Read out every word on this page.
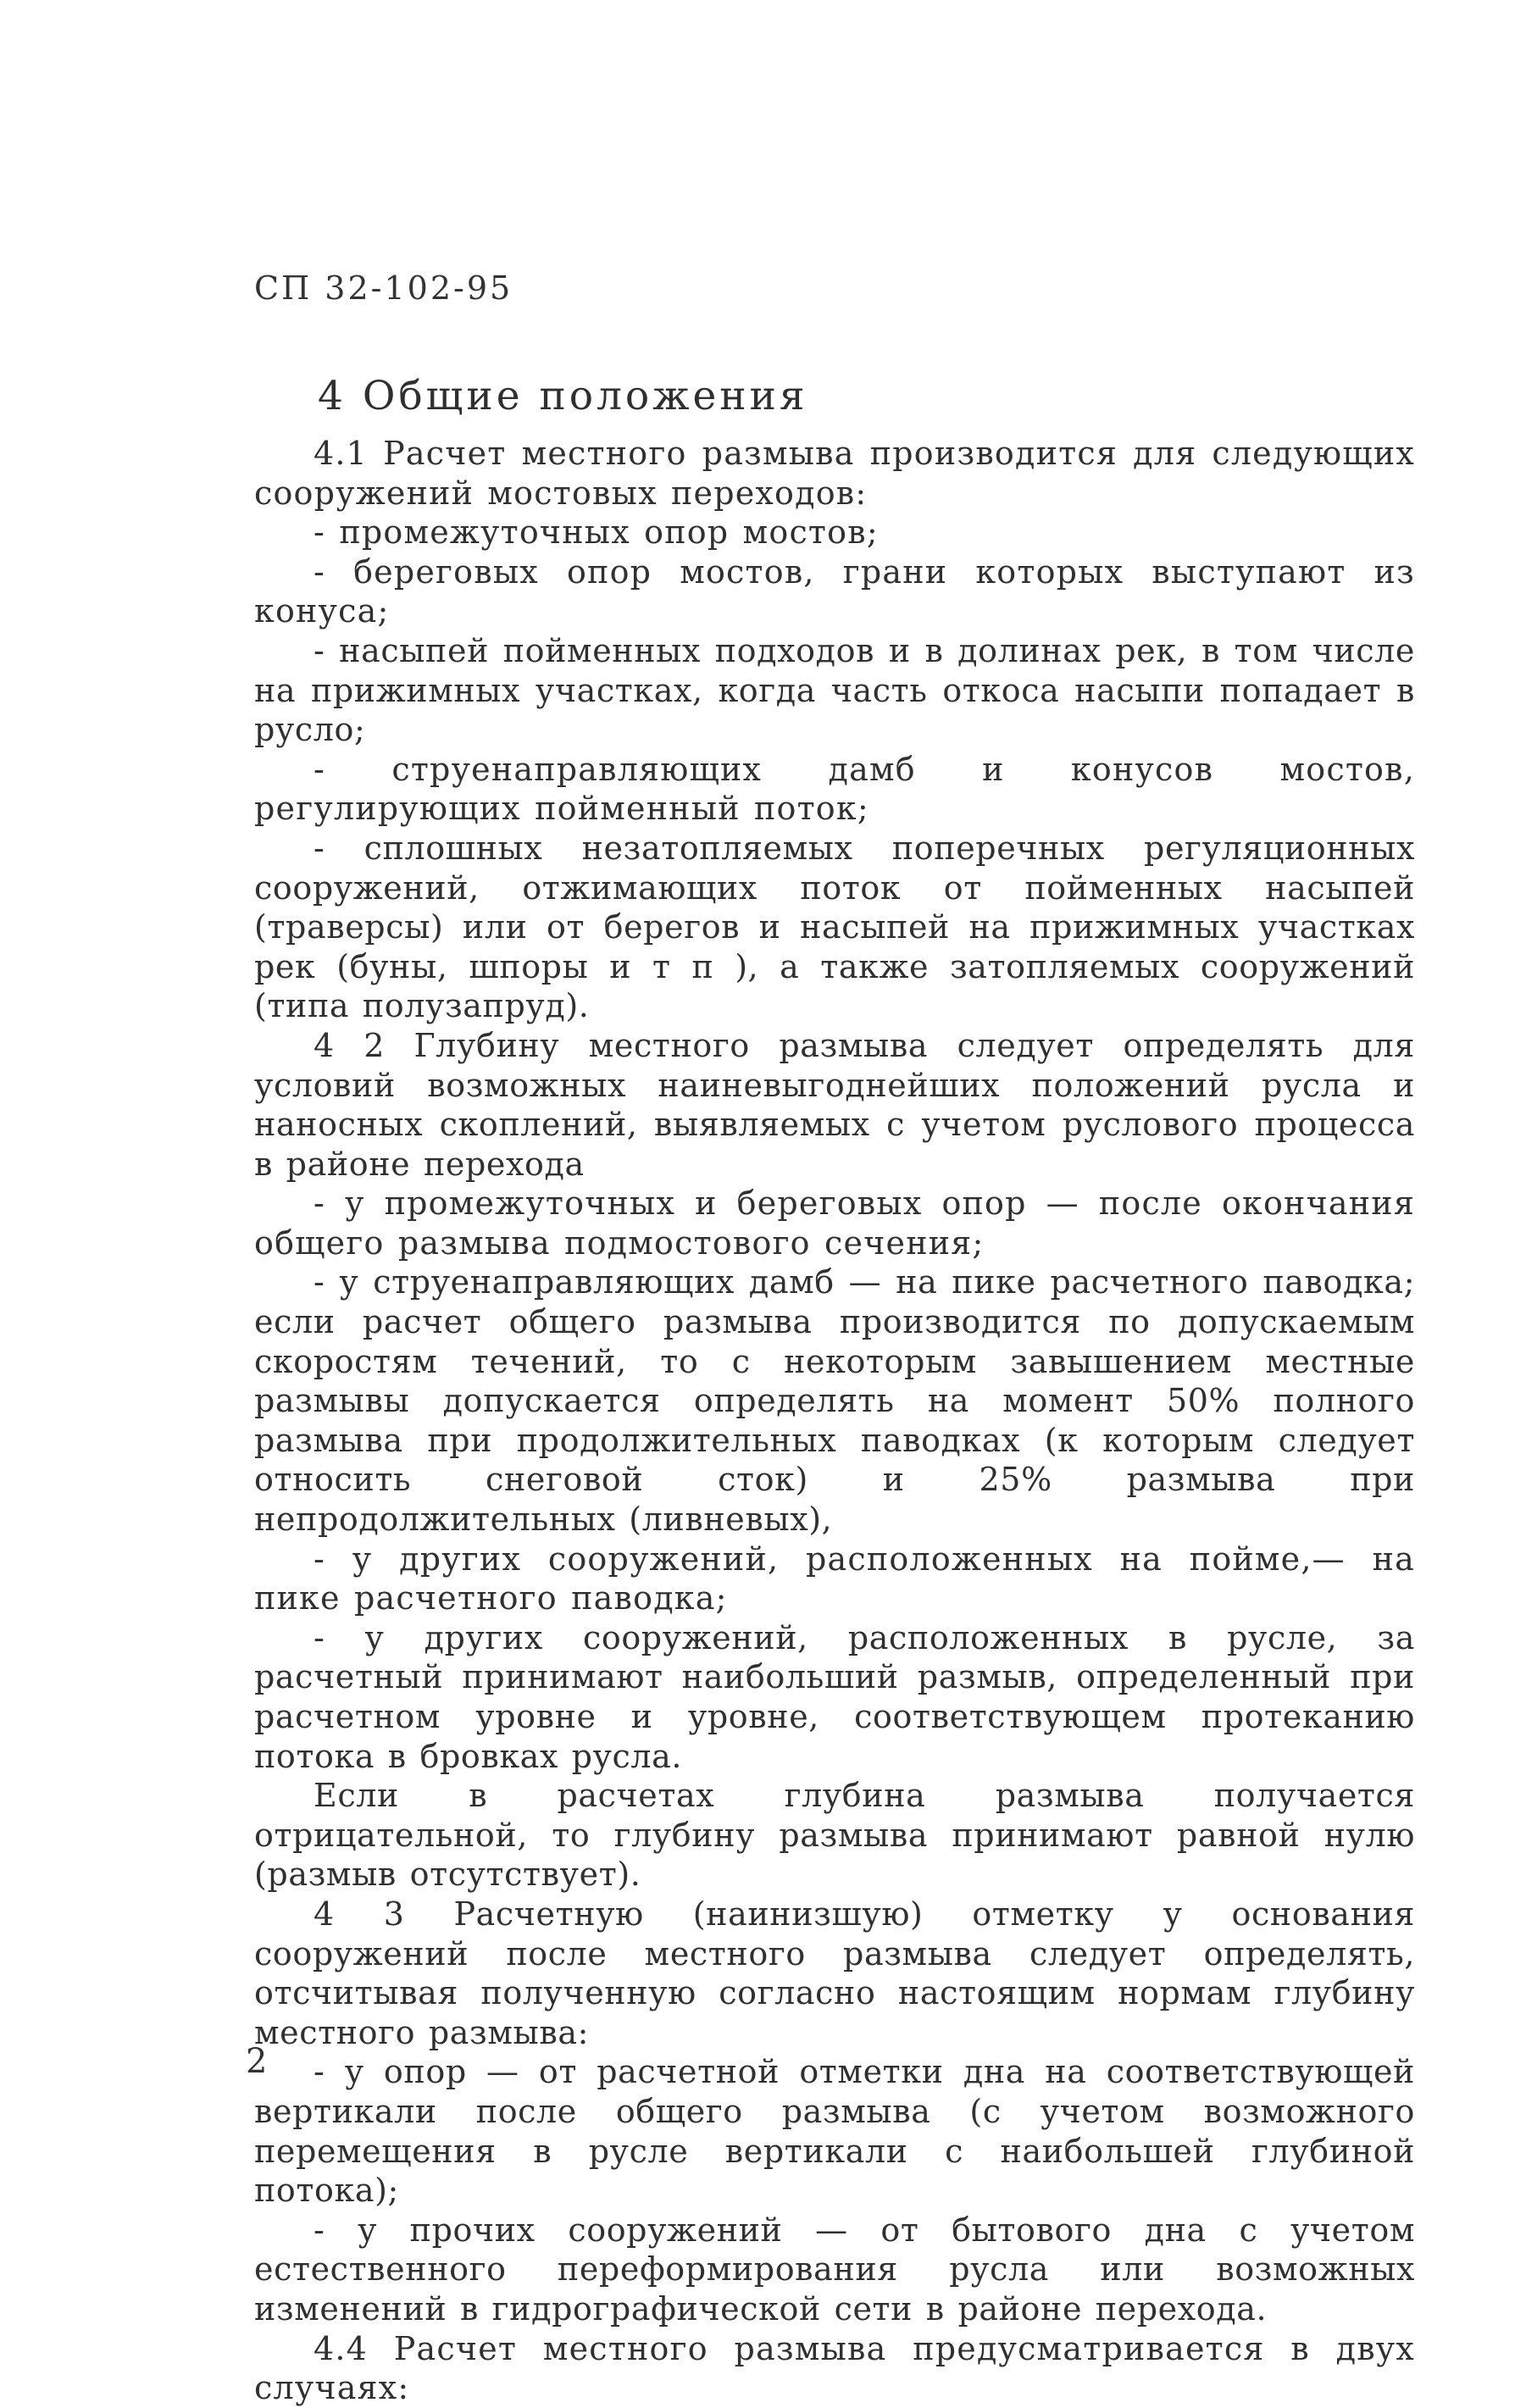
СП 32-102-95
4 Общие положения

4.1 Расчет местного размыва производится для следующих сооружений мостовых переходов:

- промежуточных опор мостов;

- береговых опор мостов, грани которых выступают из конуса;

- насыпей пойменных подходов и в долинах рек, в том числе на прижимных участках, когда часть откоса насыпи попадает в русло;

- струенаправляющих дамб и конусов мостов, регулирующих пойменный поток;

- сплошных незатопляемых поперечных регуляционных сооружений, отжимающих поток от пойменных насыпей (траверсы) или от берегов и насыпей на прижимных участках рек (буны, шпоры и т п ), а также затопляемых сооружений (типа полузапруд).

4 2 Глубину местного размыва следует определять для условий возможных наиневыгоднейших положений русла и наносных скоплений, выявляемых с учетом руслового процесса в районе перехода

- у промежуточных и береговых опор — после окончания общего размыва подмостового сечения;

- у струенаправляющих дамб — на пике расчетного паводка; если расчет общего размыва производится по допускаемым скоростям течений, то с некоторым завышением местные размывы допускается определять на момент 50% полного размыва при продолжительных паводках (к которым следует относить снеговой сток) и 25% размыва при непродолжительных (ливневых),

- у других сооружений, расположенных на пойме,— на пике расчетного паводка;

- у других сооружений, расположенных в русле, за расчетный принимают наибольший размыв, определенный при расчетном уровне и уровне, соответствующем протеканию потока в бровках русла.

Если в расчетах глубина размыва получается отрицательной, то глубину размыва принимают равной нулю (размыв отсутствует).

4 3 Расчетную (наинизшую) отметку у основания сооружений после местного размыва следует определять, отсчитывая полученную согласно настоящим нормам глубину местного размыва:

- у опор — от расчетной отметки дна на соответствующей вертикали после общего размыва (с учетом возможного перемещения в русле вертикали с наибольшей глубиной потока);

- у прочих сооружений — от бытового дна с учетом естественного переформирования русла или возможных изменений в гидрографической сети в районе перехода.

4.4 Расчет местного размыва предусматривается в двух случаях:

2
